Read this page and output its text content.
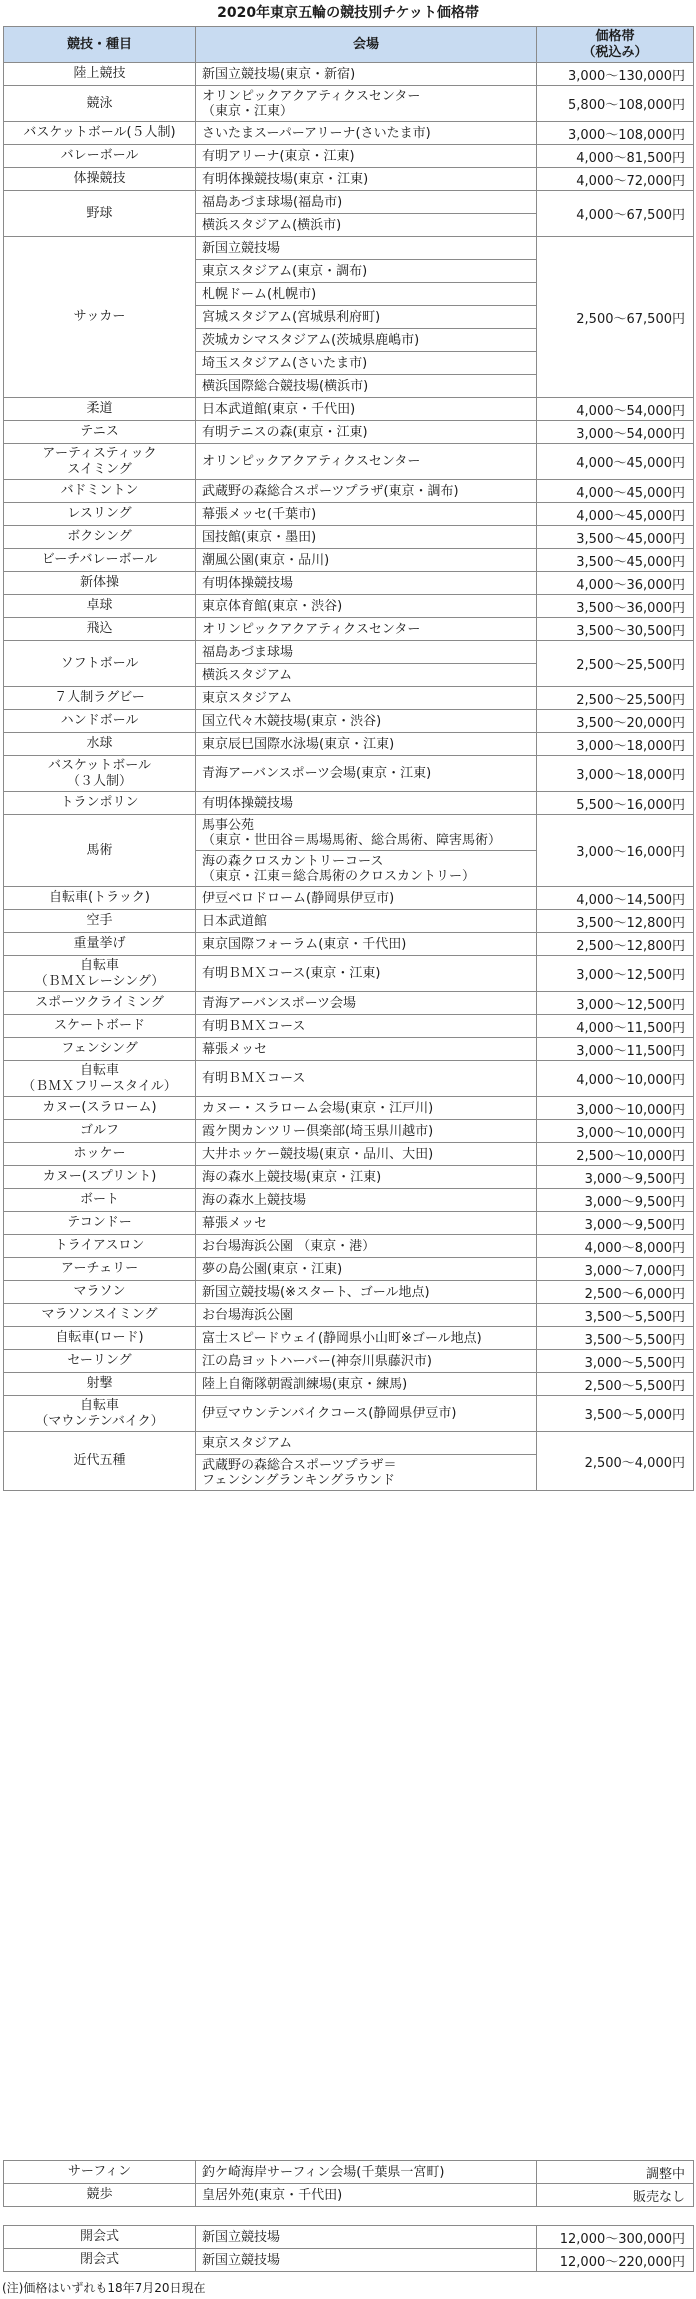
2020年東京五輪の競技別チケット価格帯
競技・種目	会場	価格帯
（税込み）

陸上競技	新国立競技場(東京・新宿)	3,000～130,000円

競泳	オリンピックアクアティクスセンター
（東京・江東）	5,800～108,000円

バスケットボール(５人制)	さいたまスーパーアリーナ(さいたま市)	3,000～108,000円

バレーボール	有明アリーナ(東京・江東)	4,000～81,500円

体操競技	有明体操競技場(東京・江東)	4,000～72,000円

野球	福島あづま球場(福島市)	4,000～67,500円

	横浜スタジアム(横浜市)	

サッカー	新国立競技場	2,500～67,500円

	東京スタジアム(東京・調布)	

	札幌ドーム(札幌市)	

	宮城スタジアム(宮城県利府町)	

	茨城カシマスタジアム(茨城県鹿嶋市)	

	埼玉スタジアム(さいたま市)	

	横浜国際総合競技場(横浜市)	

柔道	日本武道館(東京・千代田)	4,000～54,000円

テニス	有明テニスの森(東京・江東)	3,000～54,000円

アーティスティック
スイミング	オリンピックアクアティクスセンター	4,000～45,000円

バドミントン	武蔵野の森総合スポーツプラザ(東京・調布)	4,000～45,000円

レスリング	幕張メッセ(千葉市)	4,000～45,000円

ボクシング	国技館(東京・墨田)	3,500～45,000円

ビーチバレーボール	潮風公園(東京・品川)	3,500～45,000円

新体操	有明体操競技場	4,000～36,000円

卓球	東京体育館(東京・渋谷)	3,500～36,000円

飛込	オリンピックアクアティクスセンター	3,500～30,500円

ソフトボール	福島あづま球場	2,500～25,500円

	横浜スタジアム	

７人制ラグビー	東京スタジアム	2,500～25,500円

ハンドボール	国立代々木競技場(東京・渋谷)	3,500～20,000円

水球	東京辰巳国際水泳場(東京・江東)	3,000～18,000円

バスケットボール
（３人制）	青海アーバンスポーツ会場(東京・江東)	3,000～18,000円

トランポリン	有明体操競技場	5,500～16,000円

馬術	馬事公苑
（東京・世田谷＝馬場馬術、総合馬術、障害馬術）	3,000～16,000円

	海の森クロスカントリーコース
（東京・江東＝総合馬術のクロスカントリー）	

自転車(トラック)	伊豆ベロドローム(静岡県伊豆市)	4,000～14,500円

空手	日本武道館	3,500～12,800円

重量挙げ	東京国際フォーラム(東京・千代田)	2,500～12,800円

自転車
（ＢＭＸレーシング）	有明ＢＭＸコース(東京・江東)	3,000～12,500円

スポーツクライミング	青海アーバンスポーツ会場	3,000～12,500円

スケートボード	有明ＢＭＸコース	4,000～11,500円

フェンシング	幕張メッセ	3,000～11,500円

自転車
（ＢＭＸフリースタイル）	有明ＢＭＸコース	4,000～10,000円

カヌー(スラローム)	カヌー・スラローム会場(東京・江戸川)	3,000～10,000円

ゴルフ	霞ケ関カンツリー倶楽部(埼玉県川越市)	3,000～10,000円

ホッケー	大井ホッケー競技場(東京・品川、大田)	2,500～10,000円

カヌー(スプリント)	海の森水上競技場(東京・江東)	3,000～9,500円

ボート	海の森水上競技場	3,000～9,500円

テコンドー	幕張メッセ	3,000～9,500円

トライアスロン	お台場海浜公園 （東京・港）	4,000～8,000円

アーチェリー	夢の島公園(東京・江東)	3,000～7,000円

マラソン	新国立競技場(※スタート、ゴール地点)	2,500～6,000円

マラソンスイミング	お台場海浜公園	3,500～5,500円

自転車(ロード)	富士スピードウェイ(静岡県小山町※ゴール地点)	3,500～5,500円

セーリング	江の島ヨットハーバー(神奈川県藤沢市)	3,000～5,500円

射撃	陸上自衛隊朝霞訓練場(東京・練馬)	2,500～5,500円

自転車
（マウンテンバイク）	伊豆マウンテンバイクコース(静岡県伊豆市)	3,500～5,000円

近代五種	東京スタジアム	2,500～4,000円

	武蔵野の森総合スポーツプラザ＝
フェンシングランキングラウンド	
サーフィン	釣ケ崎海岸サーフィン会場(千葉県一宮町)	調整中

競歩	皇居外苑(東京・千代田)	販売なし
開会式	新国立競技場	12,000～300,000円

閉会式	新国立競技場	12,000～220,000円
(注)価格はいずれも18年7月20日現在
